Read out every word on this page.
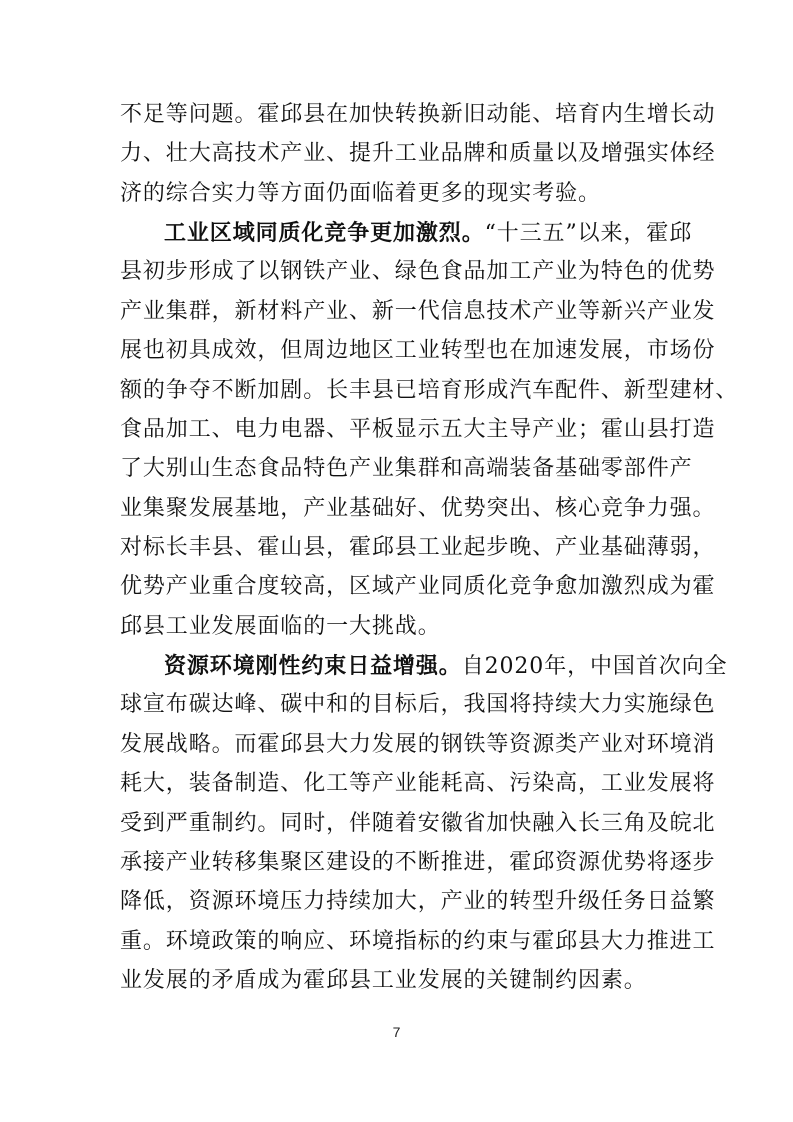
不足等问题。霍邱县在加快转换新旧动能、培育内生增长动
力、壮大高技术产业、提升工业品牌和质量以及增强实体经
济的综合实力等方面仍面临着更多的现实考验。
工业区域同质化竞争更加激烈。“十三五”以来，霍邱
县初步形成了以钢铁产业、绿色食品加工产业为特色的优势
产业集群，新材料产业、新一代信息技术产业等新兴产业发
展也初具成效，但周边地区工业转型也在加速发展，市场份
额的争夺不断加剧。长丰县已培育形成汽车配件、新型建材、
食品加工、电力电器、平板显示五大主导产业；霍山县打造
了大别山生态食品特色产业集群和高端装备基础零部件产
业集聚发展基地，产业基础好、优势突出、核心竞争力强。
对标长丰县、霍山县，霍邱县工业起步晚、产业基础薄弱，
优势产业重合度较高，区域产业同质化竞争愈加激烈成为霍
邱县工业发展面临的一大挑战。
资源环境刚性约束日益增强。自2020年，中国首次向全
球宣布碳达峰、碳中和的目标后，我国将持续大力实施绿色
发展战略。而霍邱县大力发展的钢铁等资源类产业对环境消
耗大，装备制造、化工等产业能耗高、污染高，工业发展将
受到严重制约。同时，伴随着安徽省加快融入长三角及皖北
承接产业转移集聚区建设的不断推进，霍邱资源优势将逐步
降低，资源环境压力持续加大，产业的转型升级任务日益繁
重。环境政策的响应、环境指标的约束与霍邱县大力推进工
业发展的矛盾成为霍邱县工业发展的关键制约因素。
7
